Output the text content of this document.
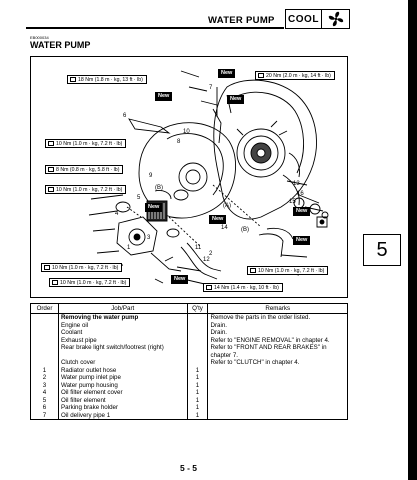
WATER PUMP COOL
EB000034
WATER PUMP
18 Nm (1.8 m · kg, 13 ft · lb)
20 Nm (2.0 m · kg, 14 ft · lb)
10 Nm (1.0 m · kg, 7.2 ft · lb)
8 Nm (0.8 m · kg, 5.8 ft · lb)
10 Nm (1.0 m · kg, 7.2 ft · lb)
10 Nm (1.0 m · kg, 7.2 ft · lb)	10 Nm (1.0 m · kg, 7.2 ft · lb)
10 Nm (1.0 m · kg, 7.2 ft · lb)
14 Nm (1.4 m · kg, 10 ft · lb)
New
New	New
New
New
New
New
New
1
2
3
4
5
6
7
8
9
10
11
12
13
14
15
16
(B)
(A)
(B)
5
Order	Job/Part	Q'ty	Remarks
	Removing the water pump		Remove the parts in the order listed.
	Engine oil		Drain.
	Coolant		Drain.
	Exhaust pipe		Refer to "ENGINE REMOVAL" in chapter 4.
	Rear brake light switch/footrest (right)		Refer to "FRONT AND REAR BRAKES" in chapter 7.
	Clutch cover		Refer to "CLUTCH" in chapter 4.
1	Radiator outlet hose	1	
2	Water pump inlet pipe	1	
3	Water pump housing	1	
4	Oil filter element cover	1	
5	Oil filter element	1	
6	Parking brake holder	1	
7	Oil delivery pipe 1	1	
5 - 5
